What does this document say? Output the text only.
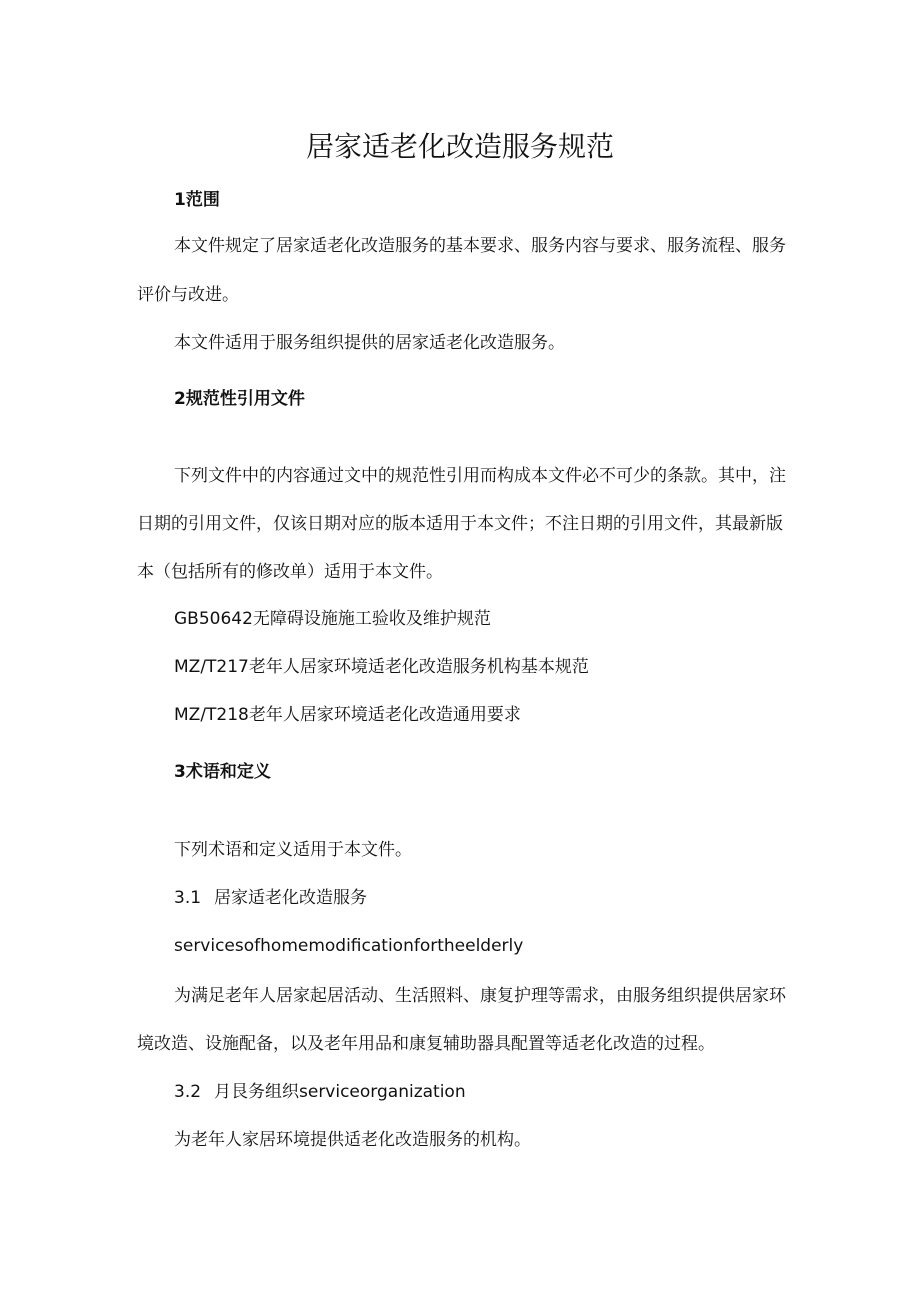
居家适老化改造服务规范
1范围
本文件规定了居家适老化改造服务的基本要求、服务内容与要求、服务流程、服务
评价与改进。
本文件适用于服务组织提供的居家适老化改造服务。
2规范性引用文件
下列文件中的内容通过文中的规范性引用而构成本文件必不可少的条款。其中，注
日期的引用文件，仅该日期对应的版本适用于本文件；不注日期的引用文件，其最新版
本（包括所有的修改单）适用于本文件。
GB50642无障碍设施施工验收及维护规范
MZ/T217老年人居家环境适老化改造服务机构基本规范
MZ/T218老年人居家环境适老化改造通用要求
3术语和定义
下列术语和定义适用于本文件。
3.1 居家适老化改造服务
servicesofhomemodificationfortheelderly
为满足老年人居家起居活动、生活照料、康复护理等需求，由服务组织提供居家环
境改造、设施配备，以及老年用品和康复辅助器具配置等适老化改造的过程。
3.2 月艮务组织serviceorganization
为老年人家居环境提供适老化改造服务的机构。
